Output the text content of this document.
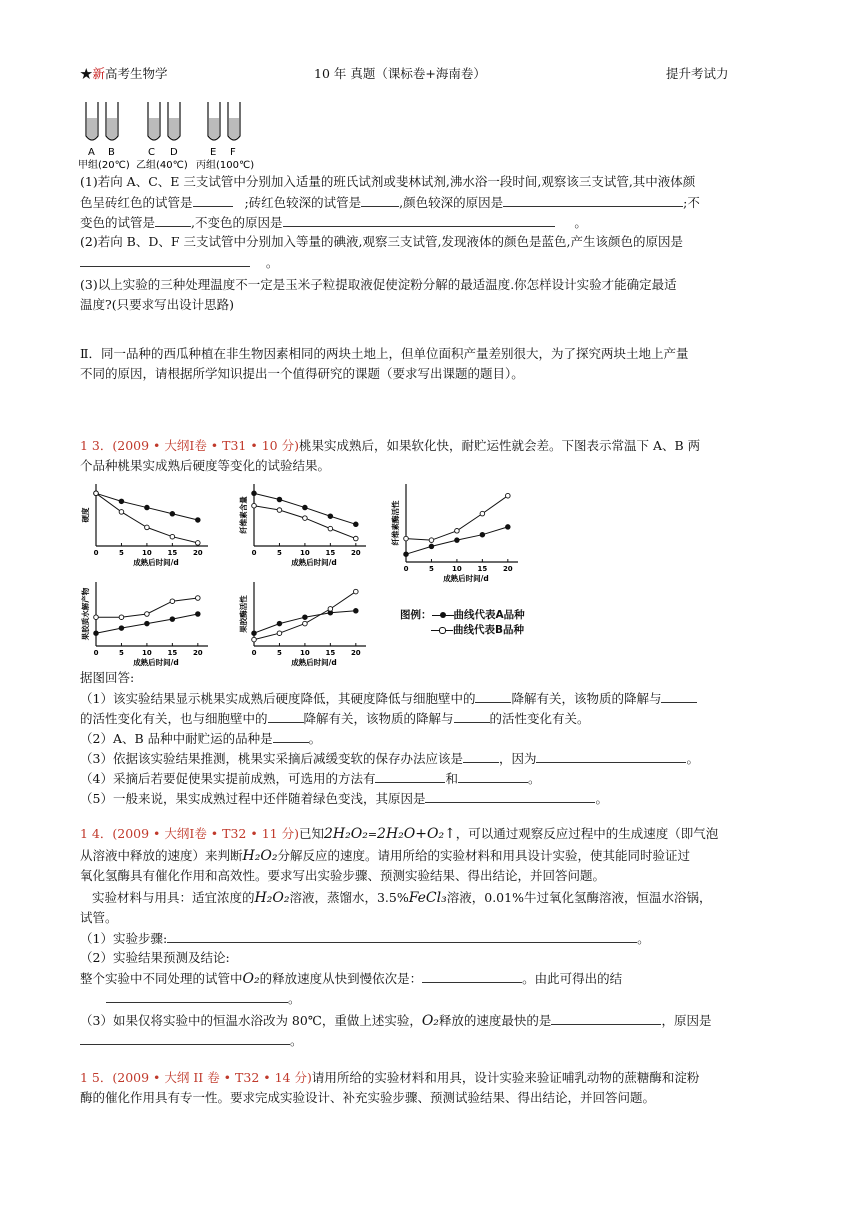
★新高考生物学	10 年 真题（课标卷+海南卷）	提升考试力
A B	C D	E F
甲组(20℃) 乙组(40℃) 丙组(100℃)
(1)若向 A、C、E 三支试管中分别加入适量的班氏试剂或斐林试剂,沸水浴一段时间,观察该三支试管,其中液体颜
色呈砖红色的试管是	;砖红色较深的试管是	,颜色较深的原因是	;不
变色的试管是	,不变色的原因是	。
(2)若向 B、D、F 三支试管中分别加入等量的碘液,观察三支试管,发现液体的颜色是蓝色,产生该颜色的原因是
。
(3)以上实验的三种处理温度不一定是玉米子粒提取液促使淀粉分解的最适温度.你怎样设计实验才能确定最适
温度?(只要求写出设计思路)
Ⅱ．同一品种的西瓜种植在非生物因素相同的两块土地上，但单位面积产量差别很大，为了探究两块土地上产量
不同的原因，请根据所学知识提出一个值得研究的课题（要求写出课题的题目）。
1 3．(2009 • 大纲Ⅰ卷 • T31 • 10 分)桃果实成熟后，如果软化快，耐贮运性就会差。下图表示常温下 A、B 两
个品种桃果实成熟后硬度等变化的试验结果。
0	5	10 15 20
成熟后时间/d
硬度
0	5	10 15 20
成熟后时间/d
纤维素含量
0	5	10 15 20
成熟后时间/d
纤维素酶活性
0	5	10 15 20
成熟后时间/d
果胶质水解产物
0	5	10 15 20
成熟后时间/d
果胶酶活性	图例： 曲线代表A品种
曲线代表B品种
据图回答:
（1）该实验结果显示桃果实成熟后硬度降低，其硬度降低与细胞壁中的	降解有关，该物质的降解与
的活性变化有关，也与细胞壁中的	降解有关，该物质的降解与	的活性变化有关。
（2）A、B 品种中耐贮运的品种是	。
（3）依据该实验结果推测，桃果实采摘后减缓变软的保存办法应该是	，因为	。
（4）采摘后若要促使果实提前成熟，可选用的方法有	和	。
（5）一般来说，果实成熟过程中还伴随着绿色变浅，其原因是	。
1 4．(2009 • 大纲Ⅰ卷 • T32 • 11 分)已知2H₂O₂=2H₂O+O₂↑，可以通过观察反应过程中的生成速度（即气泡
从溶液中释放的速度）来判断H₂O₂分解反应的速度。请用所给的实验材料和用具设计实验，使其能同时验证过
氧化氢酶具有催化作用和高效性。要求写出实验步骤、预测实验结果、得出结论，并回答问题。
实验材料与用具：适宜浓度的H₂O₂溶液，蒸馏水，3.5%FeCl₃溶液，0.01%牛过氧化氢酶溶液，恒温水浴锅，
试管。
（1）实验步骤:	。
（2）实验结果预测及结论:
整个实验中不同处理的试管中O₂的释放速度从快到慢依次是：	。由此可得出的结
。
（3）如果仅将实验中的恒温水浴改为 80℃，重做上述实验，O₂释放的速度最快的是	，原因是
。
1 5．(2009 • 大纲 II 卷 • T32 • 14 分)请用所给的实验材料和用具，设计实验来验证哺乳动物的蔗糖酶和淀粉
酶的催化作用具有专一性。要求完成实验设计、补充实验步骤、预测试验结果、得出结论，并回答问题。
